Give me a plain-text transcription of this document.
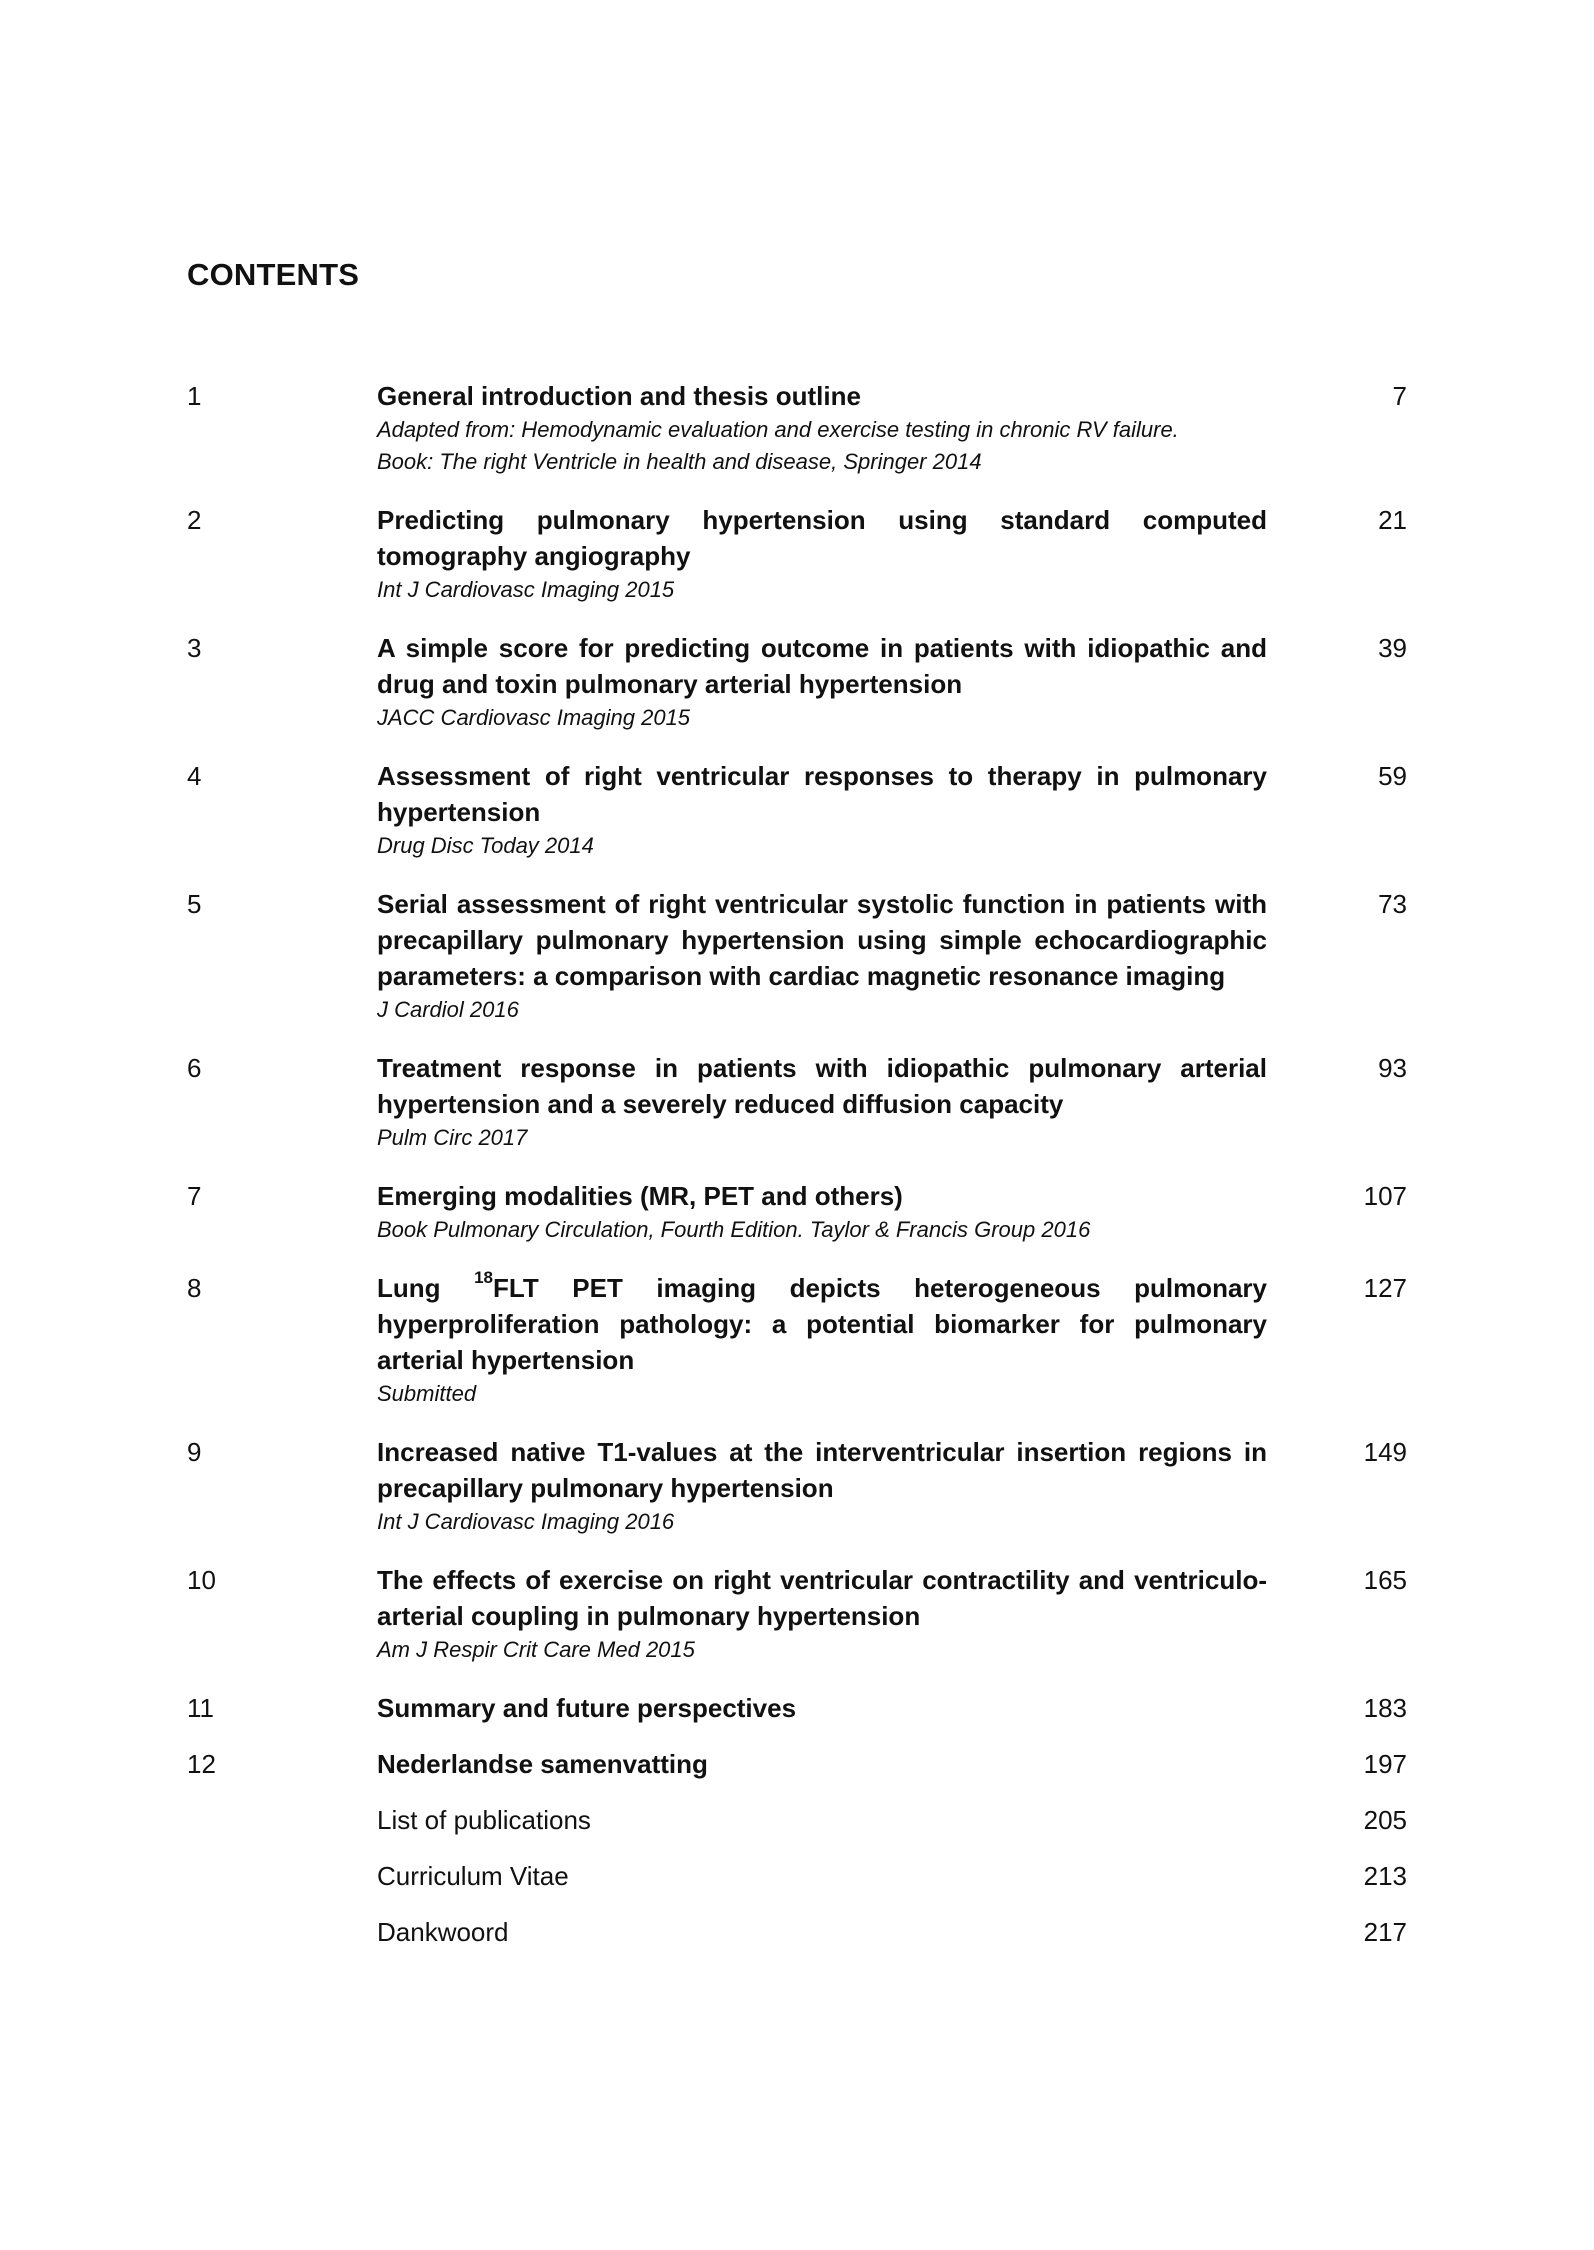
CONTENTS
1	General introduction and thesis outline
Adapted from: Hemodynamic evaluation and exercise testing in chronic RV failure.
Book: The right Ventricle in health and disease, Springer 2014
7
2	Predicting pulmonary hypertension using standard computed tomography angiography
Int J Cardiovasc Imaging 2015
21
3	A simple score for predicting outcome in patients with idiopathic and drug and toxin pulmonary arterial hypertension
JACC Cardiovasc Imaging 2015
39
4	Assessment of right ventricular responses to therapy in pulmonary hypertension
Drug Disc Today 2014
59
5	Serial assessment of right ventricular systolic function in patients with precapillary pulmonary hypertension using simple echocardiographic parameters: a comparison with cardiac magnetic resonance imaging
J Cardiol 2016
73
6	Treatment response in patients with idiopathic pulmonary arterial hypertension and a severely reduced diffusion capacity
Pulm Circ 2017
93
7	Emerging modalities (MR, PET and others)
Book Pulmonary Circulation, Fourth Edition. Taylor & Francis Group 2016
107
8	Lung $^{18}$FLT PET imaging depicts heterogeneous pulmonary hyperproliferation pathology: a potential biomarker for pulmonary arterial hypertension
Submitted
127
9	Increased native T1-values at the interventricular insertion regions in precapillary pulmonary hypertension
Int J Cardiovasc Imaging 2016
149
10	The effects of exercise on right ventricular contractility and ventriculo-arterial coupling in pulmonary hypertension
Am J Respir Crit Care Med 2015
165
11	Summary and future perspectives	183
12	Nederlandse samenvatting	197
List of publications	205
Curriculum Vitae	213
Dankwoord	217
